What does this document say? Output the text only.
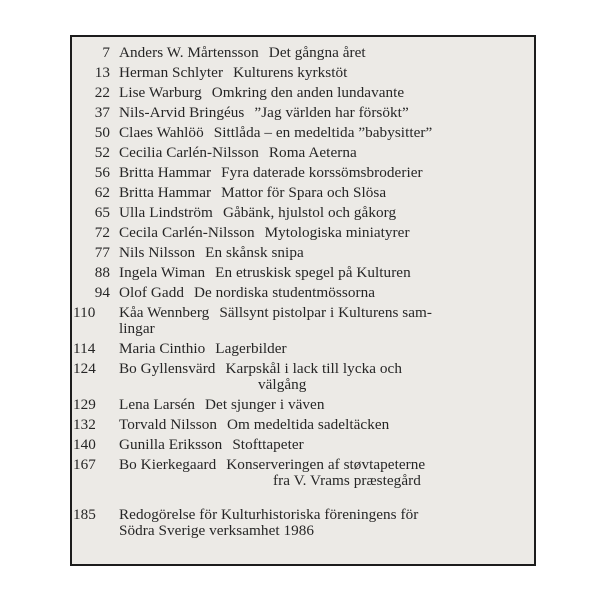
7 Anders W. Mårtensson Det gångna året
13 Herman Schlyter Kulturens kyrkstöt
22 Lise Warburg Omkring den anden lundavante
37 Nils-Arvid Bringéus ”Jag världen har försökt”
50 Claes Wahlöö Sittlåda – en medeltida ”babysitter”
52 Cecilia Carlén-Nilsson Roma Aeterna
56 Britta Hammar Fyra daterade korssömsbroderier
62 Britta Hammar Mattor för Spara och Slösa
65 Ulla Lindström Gåbänk, hjulstol och gåkorg
72 Cecila Carlén-Nilsson Mytologiska miniatyrer
77 Nils Nilsson En skånsk snipa
88 Ingela Wiman En etruskisk spegel på Kulturen
94 Olof Gadd De nordiska studentmössorna
110	Kåa Wennberg Sällsynt pistolpar i Kulturens sam-
lingar
114	Maria Cinthio Lagerbilder
124	Bo Gyllensvärd Karpskål i lack till lycka och
välgång
129	Lena Larsén Det sjunger i väven
132	Torvald Nilsson Om medeltida sadeltäcken
140	Gunilla Eriksson Stofttapeter
167	Bo Kierkegaard Konserveringen af støvtapeterne
fra V. Vrams præstegård
185	Redogörelse för Kulturhistoriska föreningens för
Södra Sverige verksamhet 1986
